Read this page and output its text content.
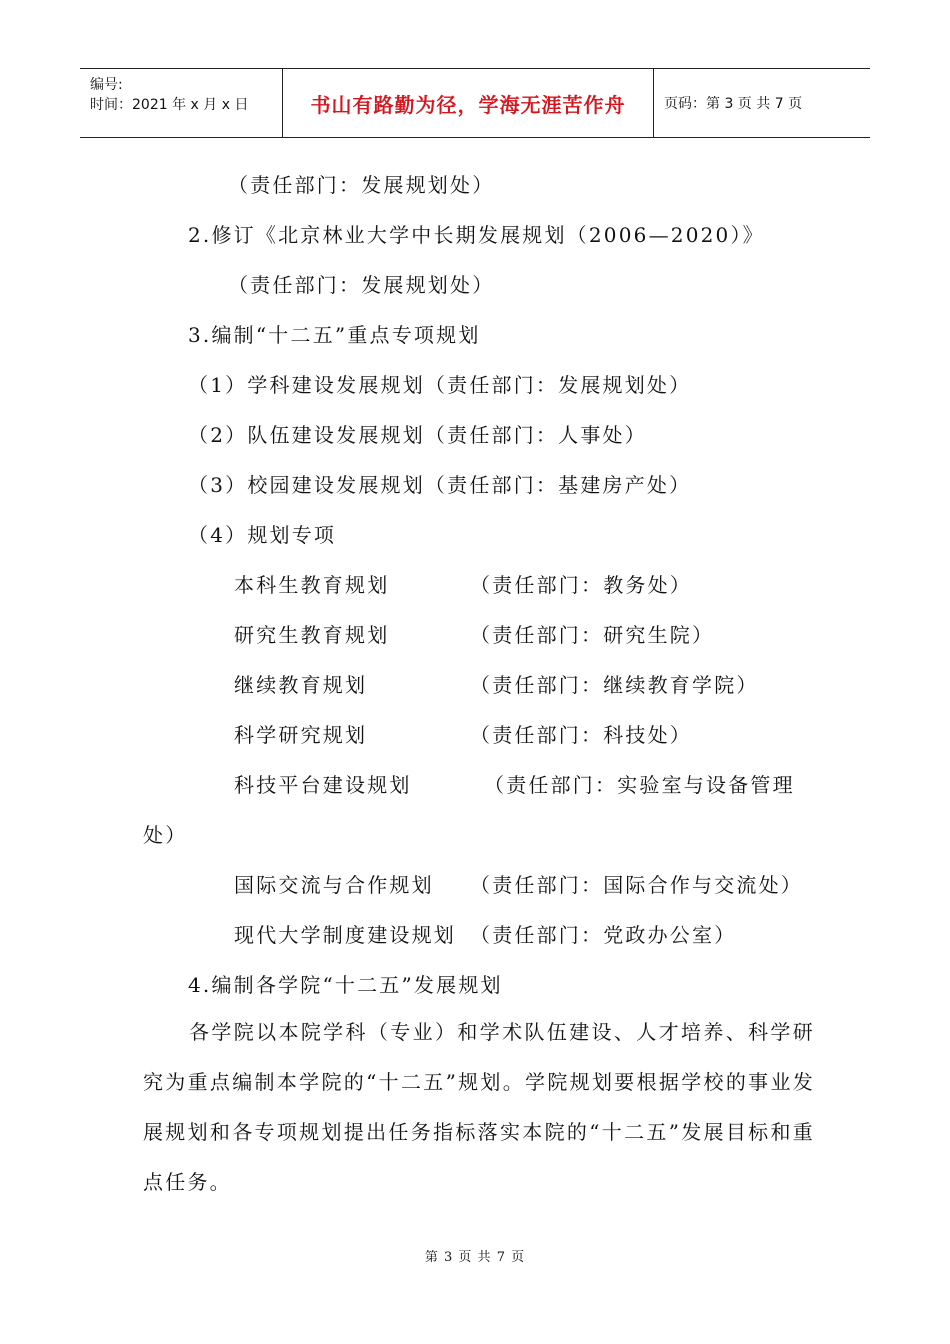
编号:
时间：2021 年 x 月 x 日	书山有路勤为径，学海无涯苦作舟	页码：第 3 页 共 7 页
（责任部门：发展规划处）
2.修订《北京林业大学中长期发展规划（2006—2020）》
（责任部门：发展规划处）
3.编制“十二五”重点专项规划
（1）学科建设发展规划（责任部门：发展规划处）
（2）队伍建设发展规划（责任部门：人事处）
（3）校园建设发展规划（责任部门：基建房产处）
（4）规划专项
本科生教育规划	（责任部门：教务处）
研究生教育规划	（责任部门：研究生院）
继续教育规划	（责任部门：继续教育学院）
科学研究规划	（责任部门：科技处）
科技平台建设规划	（责任部门：实验室与设备管理
处）
国际交流与合作规划 （责任部门：国际合作与交流处）
现代大学制度建设规划 （责任部门：党政办公室）
4.编制各学院“十二五”发展规划
各学院以本院学科（专业）和学术队伍建设、人才培养、科学研究为重点编制本学院的“十二五”规划。学院规划要根据学校的事业发展规划和各专项规划提出任务指标落实本院的“十二五”发展目标和重点任务。
第 3 页 共 7 页
